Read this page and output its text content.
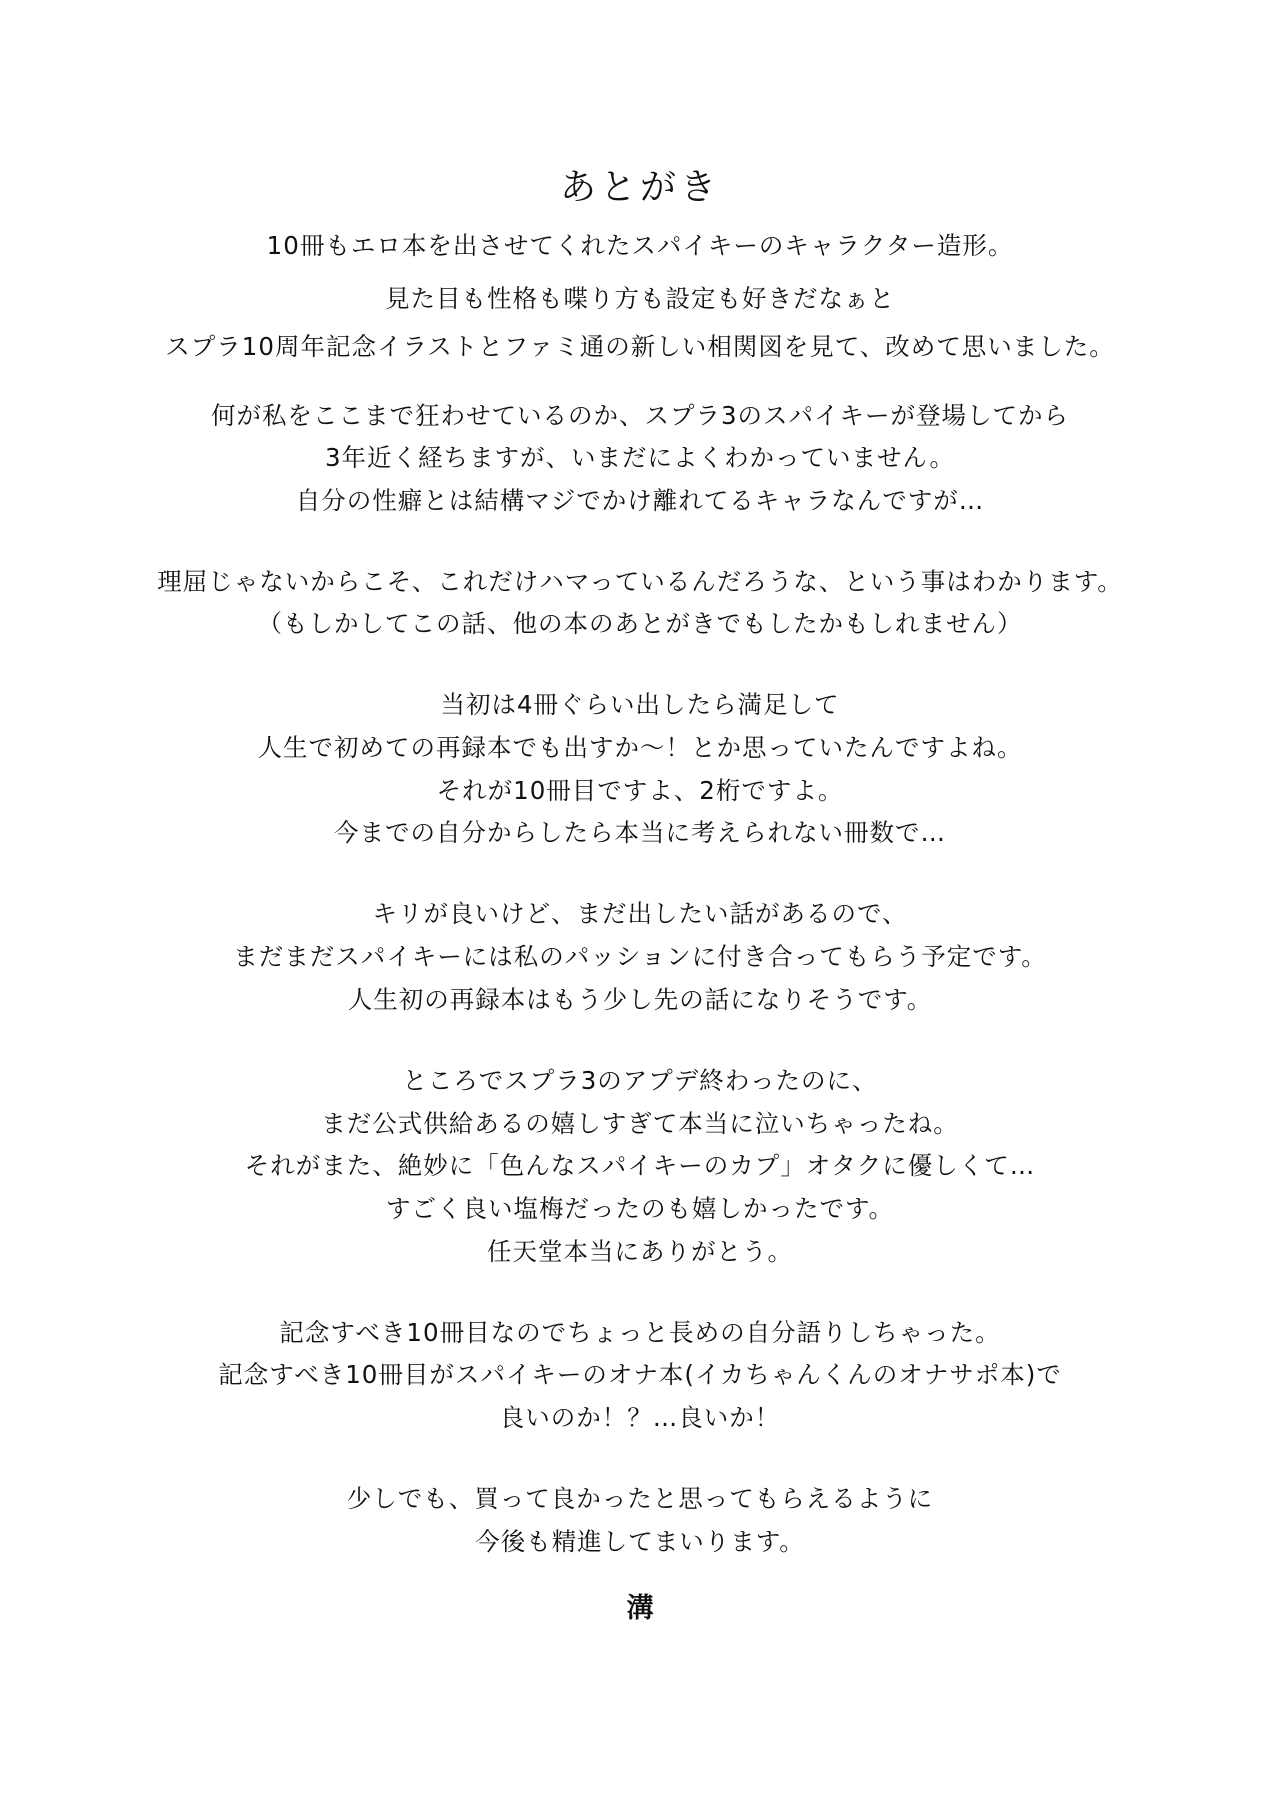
あとがき
10冊もエロ本を出させてくれたスパイキーのキャラクター造形。
見た目も性格も喋り方も設定も好きだなぁと
スプラ10周年記念イラストとファミ通の新しい相関図を見て、改めて思いました。
何が私をここまで狂わせているのか、スプラ3のスパイキーが登場してから
3年近く経ちますが、いまだによくわかっていません。
自分の性癖とは結構マジでかけ離れてるキャラなんですが…
理屈じゃないからこそ、これだけハマっているんだろうな、という事はわかります。
（もしかしてこの話、他の本のあとがきでもしたかもしれません）
当初は4冊ぐらい出したら満足して
人生で初めての再録本でも出すか～！とか思っていたんですよね。
それが10冊目ですよ、2桁ですよ。
今までの自分からしたら本当に考えられない冊数で…
キリが良いけど、まだ出したい話があるので、
まだまだスパイキーには私のパッションに付き合ってもらう予定です。
人生初の再録本はもう少し先の話になりそうです。
ところでスプラ3のアプデ終わったのに、
まだ公式供給あるの嬉しすぎて本当に泣いちゃったね。
それがまた、絶妙に「色んなスパイキーのカプ」オタクに優しくて…
すごく良い塩梅だったのも嬉しかったです。
任天堂本当にありがとう。
記念すべき10冊目なのでちょっと長めの自分語りしちゃった。
記念すべき10冊目がスパイキーのオナ本(イカちゃんくんのオナサポ本)で
良いのか！？…良いか！
少しでも、買って良かったと思ってもらえるように
今後も精進してまいります。
溝
